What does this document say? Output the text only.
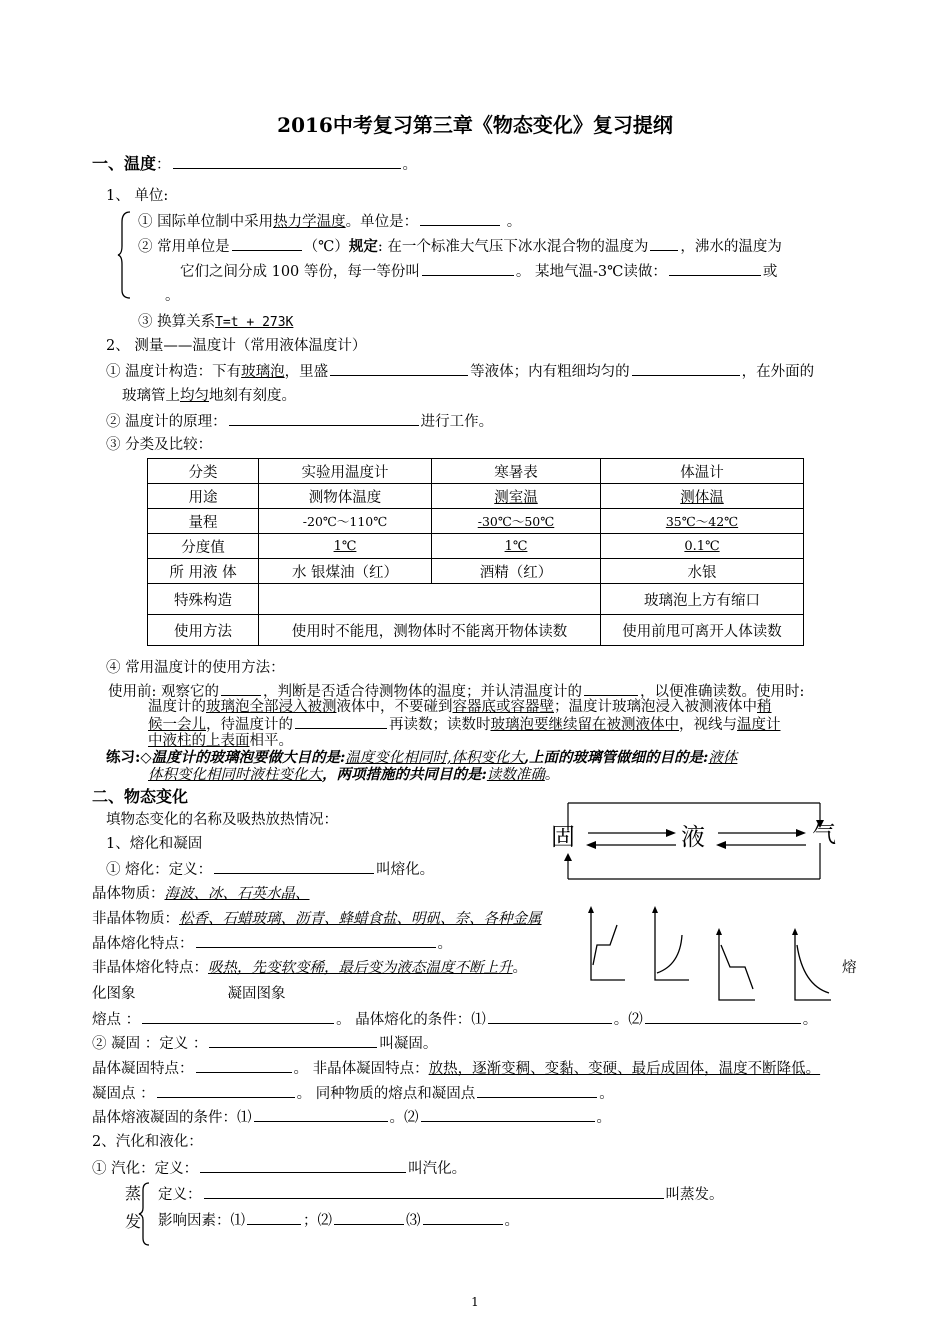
2016中考复习第三章《物态变化》复习提纲
一、温度：	。
1、 单位:
① 国际单位制中采用热力学温度。单位是：	。
② 常用单位是	（℃）规定: 在一个标准大气压下冰水混合物的温度为 ，沸水的温度为
它们之间分成 100 等份，每一等份叫	。 某地气温-3℃读做：	或
。
③ 换算关系T=t + 273K
2、 测量——温度计（常用液体温度计）
① 温度计构造：下有玻璃泡，里盛	等液体；内有粗细均匀的	，在外面的
玻璃管上均匀地刻有刻度。
② 温度计的原理：	进行工作。
③ 分类及比较：
分类	实验用温度计	寒暑表	体温计
用途	测物体温度	测室温	测体温
量程	-20℃～110℃	-30℃～50℃	35℃～42℃
分度值	1℃	1℃	0.1℃
所 用液 体	水 银煤油（红）	酒精（红）	水银
特殊构造			玻璃泡上方有缩口
使用方法	使用时不能甩，测物体时不能离开物体读数		使用前甩可离开人体读数
④ 常用温度计的使用方法：
使用前: 观察它的	，判断是否适合待测物体的温度；并认清温度计的	，以便准确读数。使用时:
温度计的玻璃泡全部浸入被测液体中，不要碰到容器底或容器壁；温度计玻璃泡浸入被测液体中稍
候一会儿，待温度计的	再读数；读数时玻璃泡要继续留在被测液体中，视线与温度计
中液柱的上表面相平。
练习:◇温度计的玻璃泡要做大目的是:温度变化相同时,体积变化大,上面的玻璃管做细的目的是:液体
体积变化相同时液柱变化大，两项措施的共同目的是:读数准确。
二、物态变化
填物态变化的名称及吸热放热情况：
1、熔化和凝固	固	液	气
① 熔化：定义：	叫熔化。
晶体物质：海波、冰、石英水晶、
非晶体物质：松香、石蜡玻璃、沥青、蜂蜡食盐、明矾、奈、各种金属
晶体熔化特点：	。
非晶体熔化特点：吸热，先变软变稀，最后变为液态温度不断上升。	熔
化图象	凝固图象
熔点 ：	。 晶体熔化的条件：⑴	。⑵	。
② 凝固 ：定义 ：	叫凝固。
晶体凝固特点：	。 非晶体凝固特点：放热，逐渐变稠、变黏、变硬、最后成固体，温度不断降低。
凝固点 ：	。 同种物质的熔点和凝固点	。
晶体熔液凝固的条件：⑴	。⑵	。
2、汽化和液化：
① 汽化：定义：	叫汽化。
蒸
发
定义：	叫蒸发。
影响因素：⑴	；⑵	⑶	。
1
